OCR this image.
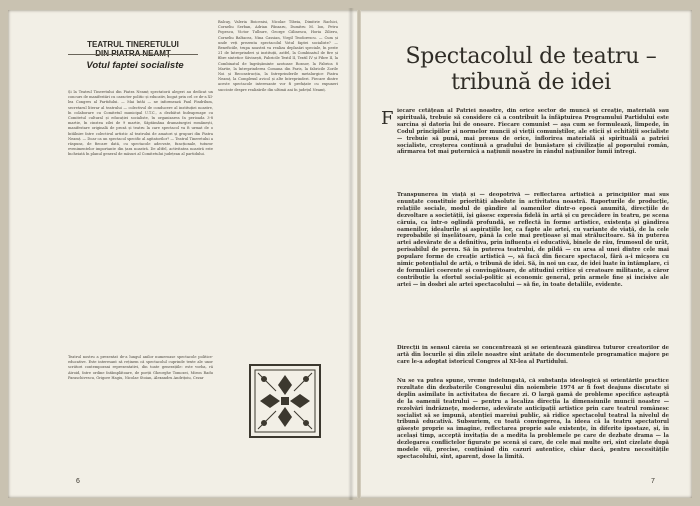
TEATRUL TINERETULUI
Votul faptei socialiste
Și la Teatrul Tineretului din Piatra Neamț spectatorii alegeri au dedicat un concurs de manifestări cu caracter politic și educativ, bogat prin cel ce de-a XI-lea Congres al Partidului. — Mai întâi — ne informează Paul Findrilum, secretarul literar al teatrului — colectivul de conducere al instituției noastre, în colaborare cu Comitetul municipal U.T.C., a dezbătut îndeaproape cu Comitetul cultural și educației socialiste, în organizarea în perioada 3-8 martie, în cinstea zilei de 9 martie, Săptămâna dramaturgiei românești, manifestare originală de proză și teatru la care spectacol va fi urmat de o întâlnire între colectivul artistic al teatrului de amatori și grupuri din Piatra Neamț. — Doar ca un spectacol specific al agitatorilor? — Teatrul Tineretului a răspuns, de fiecare dată, cu spectacole adecvate, funcționale, tuturor evenimentelor importante din țara noastră. De altfel, activitatea noastră este încheiată în planul general de măsuri al Comitetului județean al partidului.
Balcay, Valeria Boicenisi, Nicolae Tibeia, Dimitrie Rachici, Corneliu Serban, Adrian Pânzaru, Dumitru M. Ion, Petru Popescu, Victor Tulbure, George Călinescu, Horia Zilieru, Corneliu Baltacea, Nina Cassian, Virgil Teodorescu. — Cum și unde veți prezenta spectacolul Votul faptei socialiste? — Beneficiile, trupa noastră va realiza deplasări speciale, în peste 21 de întreprinderi și instituții, astfel, la Combinatul de fire și fibre sintetice Săvinești, Fabricile Textil II, Textil IV și Fibre II, la Combinatul de îngrășăminte azotoase Roznov, la Fabrica 8 Martie, la întreprinderea Comuna din Paris, la fabricile Zorile Noi și Reconstrucția, la întreprinderile metalurgice Piatra Neamț, la Complexul avicol și alte întreprinderi. Fiecare dintre aceste spectacole interesante vor fi prefațate cu expuneri succinte despre realizările din ultimii ani în județul Neamț.
Teatrul nostru a prezentat de-a lungul anilor numeroase spectacole politice-educative. Este interesant să reținem că spectacolul cuprinde texte ale unor scriitori contemporani reprezentativi, din toate generațiile: este vorba, ră Atroid, între ordine întâmplătoare, de poeții Gheorghe Tomozei, Miron Radu Paraschivescu, Grigore Hagiu, Nicolae Stoian, Alexandru Andrițoiu, Cezar
6
Spectacolul de teatru –
tribună de idei
F iecare cetățean al Patriei noastre, din orice sector de muncă și creație, materială sau spirituală, trebuie să considere că a contribuit la înfăptuirea Programului Partidului este sarcina și datoria lui de onoare. Fiecare comunist — așa cum se formulează, limpede, în Codul principiilor și normelor muncii și vieții comuniștilor, ale eticii și echității socialiste — trebuie să pună, mai presus de orice, înflorirea materială și spirituală a patriei socialiste, creșterea continuă a gradului de bunăstare și civilizație al poporului român, afirmarea tot mai puternică a națiunii noastre în rândul națiunilor lumii întregi.
Transpunerea în viață și — deopotrivă — reflectarea artistică a principiilor mai sus enunțate constituie priorități absolute în activitatea noastră. Raporturile de producție, relațiile sociale, modul de gândire al oamenilor dintr-o epocă anumită, direcțiile de dezvoltare a societății, își găsesc expresia fidelă în artă și cu precădere în teatru, pe scena căruia, ca într-o oglindă profundă, se reflectă în forme artistice, existența și gândirea oamenilor, idealurile și aspirațiile lor, ca fapte ale artei, cu variante de viață, de la cele reprobabile și înșelătoare, până la cele mai prețioase și mai strălucitoare. Să în puterea artei adevărate de a definitiva, prin influența ei educativă, binele de rău, frumosul de urât, perisabilul de peren. Să în puterea teatrului, de pildă — cu arsa al unei dintre cele mai populare forme de creație artistică —, să facă din fiecare spectacol, fără a-i micșora cu nimic potențialul de artă, o tribună de idei. Să, în noi un caz, de idei luate în întâmplare, ci de formulări coerente și convingătoare, de atitudini critice și creatoare militante, a căror contribuție la efortul social-politic și economic general, prin armele fine și incisive ale artei — în dosbri ale artei spectacolului — să fie, în toate detaliile, evidente.
Direcții în sensul căreia se concentrează și se orientează gândirea tuturor creatorilor de artă din locurile și din zilele noastre sînt arătate de documentele programatice majore pe care le-a adoptat istoricul Congres al XI-lea al Partidului.
Nu se va putea spune, vreme îndelungată, că substanța ideologică și orientările practice rezultate din dezbaterile Congresului din noiembrie 1974 ar fi fost deajuns discutate și deplin asimilate în activitatea de fiecare zi. O largă gamă de probleme specifice așteaptă de la oamenii teatrului — pentru a localiza direcția la dimensiunile muncii noastre — rezolvări îndrăznețe, moderne, adevărate anticipații artistice prin care teatrul românesc socialist să se impună, atenției mareiui public, să ridice spectacolul teatral la nivelul de tribună educativă. Subsuriem, cu toată convingerea, la ideea că la teatru spectatorul găsește proprie sa imagine, reflectarea proprie sale existențe, în diferite ipostaze, și, în același timp, acceptă invitația de a medita la problemele pe care de dezbate drama — la dezlegarea conflictelor figurate pe scenă și care, de cele mai multe ori, sînt cizelate după modele vii, precise, conținând din cazuri autentice, chiar dacă, pentru necesitățile spectacolului, sînt, aparent, dose la limită.
7
